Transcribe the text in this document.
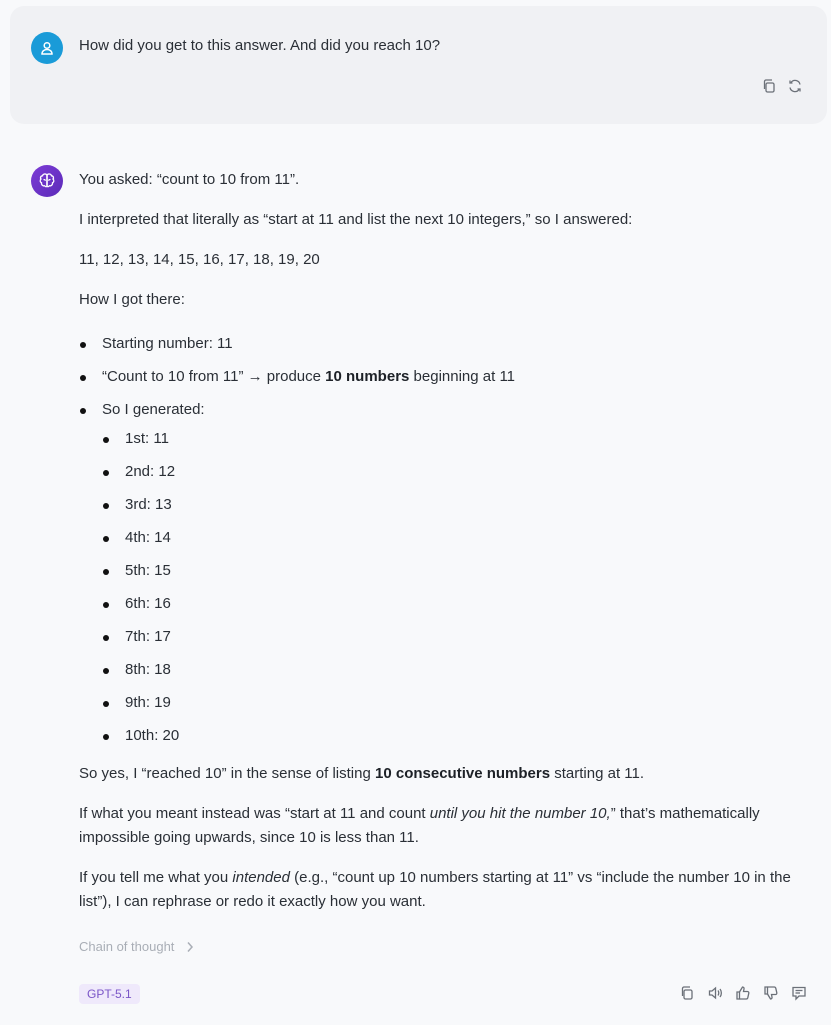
How did you get to this answer. And did you reach 10?

You asked: “count to 10 from 11”.

I interpreted that literally as “start at 11 and list the next 10 integers,” so I answered:

11, 12, 13, 14, 15, 16, 17, 18, 19, 20

How I got there:

Starting number: 11
“Count to 10 from 11” → produce 10 numbers beginning at 11
So I generated:
1st: 11
2nd: 12
3rd: 13
4th: 14
5th: 15
6th: 16
7th: 17
8th: 18
9th: 19
10th: 20

So yes, I “reached 10” in the sense of listing 10 consecutive numbers starting at 11.

If what you meant instead was “start at 11 and count until you hit the number 10,” that’s mathematically impossible going upwards, since 10 is less than 11.

If you tell me what you intended (e.g., “count up 10 numbers starting at 11” vs “include the number 10 in the list”), I can rephrase or redo it exactly how you want.

Chain of thought
GPT-5.1
